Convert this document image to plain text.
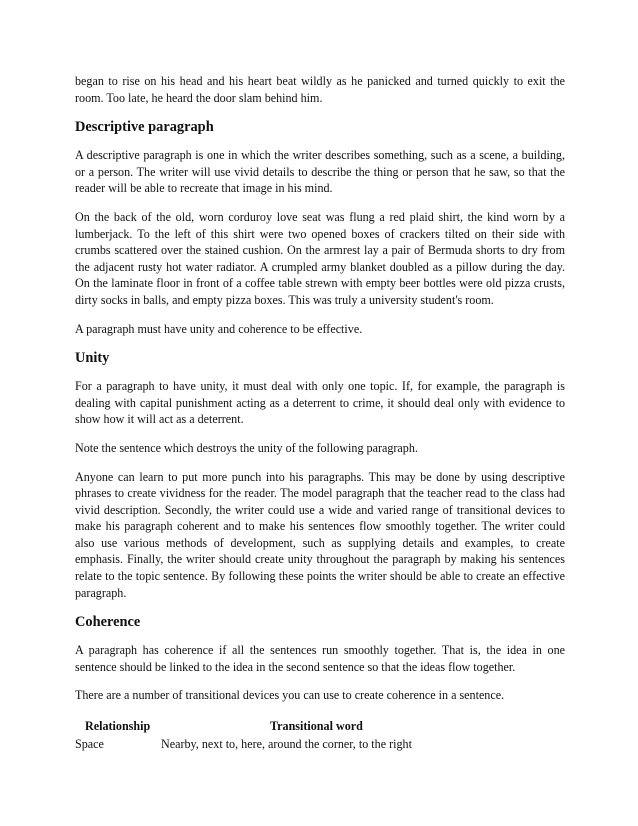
began to rise on his head and his heart beat wildly as he panicked and turned quickly to exit the room. Too late, he heard the door slam behind him.

Descriptive paragraph

A descriptive paragraph is one in which the writer describes something, such as a scene, a building, or a person. The writer will use vivid details to describe the thing or person that he saw, so that the reader will be able to recreate that image in his mind.

On the back of the old, worn corduroy love seat was flung a red plaid shirt, the kind worn by a lumberjack. To the left of this shirt were two opened boxes of crackers tilted on their side with crumbs scattered over the stained cushion. On the armrest lay a pair of Bermuda shorts to dry from the adjacent rusty hot water radiator. A crumpled army blanket doubled as a pillow during the day. On the laminate floor in front of a coffee table strewn with empty beer bottles were old pizza crusts, dirty socks in balls, and empty pizza boxes. This was truly a university student's room.

A paragraph must have unity and coherence to be effective.

Unity

For a paragraph to have unity, it must deal with only one topic. If, for example, the paragraph is dealing with capital punishment acting as a deterrent to crime, it should deal only with evidence to show how it will act as a deterrent.

Note the sentence which destroys the unity of the following paragraph.

Anyone can learn to put more punch into his paragraphs. This may be done by using descriptive phrases to create vividness for the reader. The model paragraph that the teacher read to the class had vivid description. Secondly, the writer could use a wide and varied range of transitional devices to make his paragraph coherent and to make his sentences flow smoothly together. The writer could also use various methods of development, such as supplying details and examples, to create emphasis. Finally, the writer should create unity throughout the paragraph by making his sentences relate to the topic sentence. By following these points the writer should be able to create an effective paragraph.

Coherence

A paragraph has coherence if all the sentences run smoothly together. That is, the idea in one sentence should be linked to the idea in the second sentence so that the ideas flow together.

There are a number of transitional devices you can use to create coherence in a sentence.

Relationship	Transitional word
Space	Nearby, next to, here, around the corner, to the right
